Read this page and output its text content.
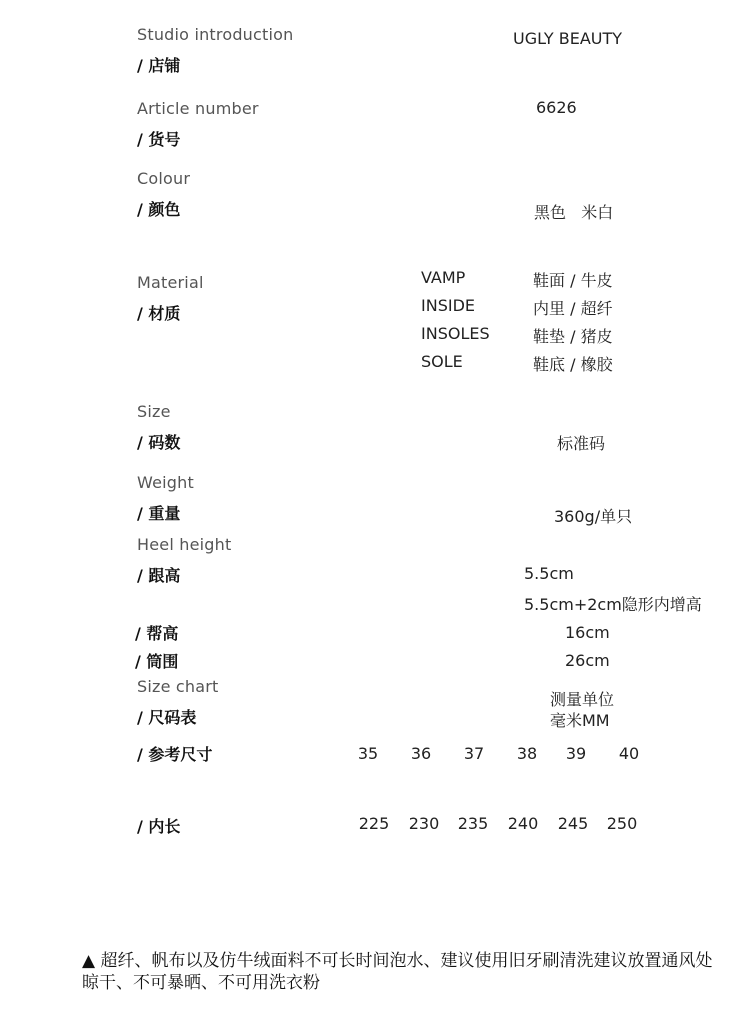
Studio introduction
/ 店铺
UGLY BEAUTY
Article number
/ 货号
6626
Colour
/ 颜色	黑色   米白
Material
/ 材质
VAMP	鞋面 / 牛皮
INSIDE	内里 / 超纤
INSOLES	鞋垫 / 猪皮
SOLE	鞋底 / 橡胶
Size
/ 码数	标准码
Weight
/ 重量	360g/单只
Heel height
/ 跟高	5.5cm
5.5cm+2cm隐形内增高
/ 帮高	16cm
/ 筒围	26cm
Size chart
/ 尺码表
测量单位
毫米MM
/ 参考尺寸	35	36	37	38	39	40
/ 内长	225 230 235 240 245 250
▲ 超纤、帆布以及仿牛绒面料不可长时间泡水、建议使用旧牙刷清洗建议放置通风处晾干、不可暴晒、不可用洗衣粉
